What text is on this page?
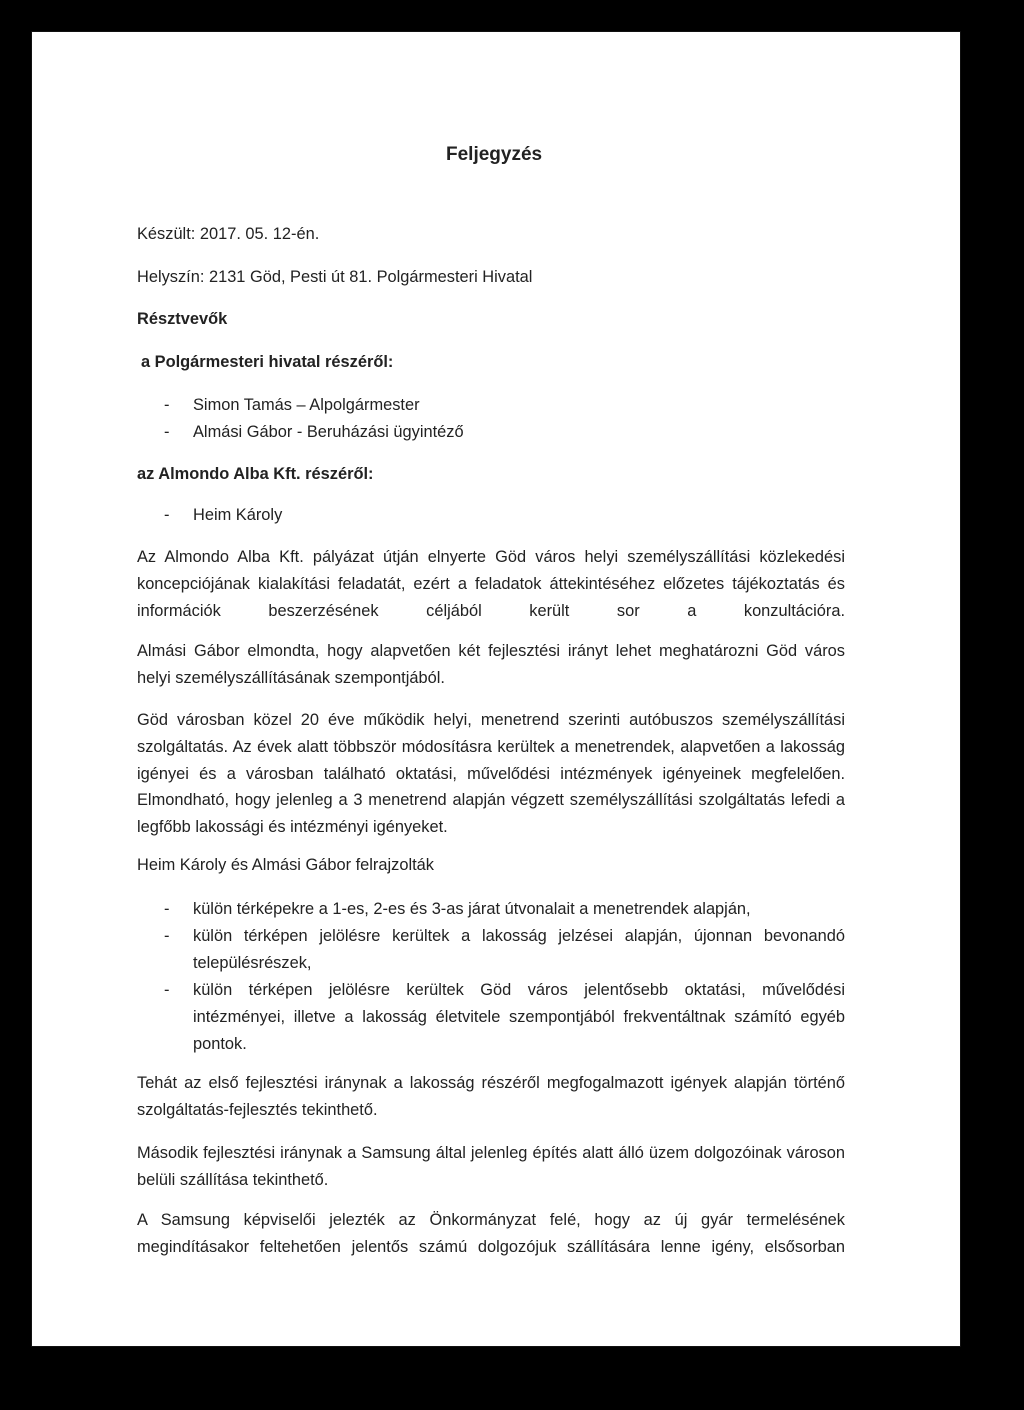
Feljegyzés
Készült: 2017. 05. 12-én.
Helyszín: 2131 Göd, Pesti út 81. Polgármesteri Hivatal
Résztvevők
a Polgármesteri hivatal részéről:
- Simon Tamás – Alpolgármester
- Almási Gábor - Beruházási ügyintéző
az Almondo Alba Kft. részéről:
- Heim Károly
Az Almondo Alba Kft. pályázat útján elnyerte Göd város helyi személyszállítási közlekedési koncepciójának kialakítási feladatát, ezért a feladatok áttekintéséhez előzetes tájékoztatás és információk beszerzésének céljából került sor a konzultációra.
Almási Gábor elmondta, hogy alapvetően két fejlesztési irányt lehet meghatározni Göd város helyi személyszállításának szempontjából.
Göd városban közel 20 éve működik helyi, menetrend szerinti autóbuszos személyszállítási szolgáltatás. Az évek alatt többször módosításra kerültek a menetrendek, alapvetően a lakosság igényei és a városban található oktatási, művelődési intézmények igényeinek megfelelően. Elmondható, hogy jelenleg a 3 menetrend alapján végzett személyszállítási szolgáltatás lefedi a legfőbb lakossági és intézményi igényeket.
Heim Károly és Almási Gábor felrajzolták
- külön térképekre a 1-es, 2-es és 3-as járat útvonalait a menetrendek alapján,
- külön térképen jelölésre kerültek a lakosság jelzései alapján, újonnan bevonandó településrészek,
- külön térképen jelölésre kerültek Göd város jelentősebb oktatási, művelődési intézményei, illetve a lakosság életvitele szempontjából frekventáltnak számító egyéb pontok.
Tehát az első fejlesztési iránynak a lakosság részéről megfogalmazott igények alapján történő szolgáltatás-fejlesztés tekinthető.
Második fejlesztési iránynak a Samsung által jelenleg építés alatt álló üzem dolgozóinak városon belüli szállítása tekinthető.
A Samsung képviselői jelezték az Önkormányzat felé, hogy az új gyár termelésének megindításakor feltehetően jelentős számú dolgozójuk szállítására lenne igény, elsősorban
